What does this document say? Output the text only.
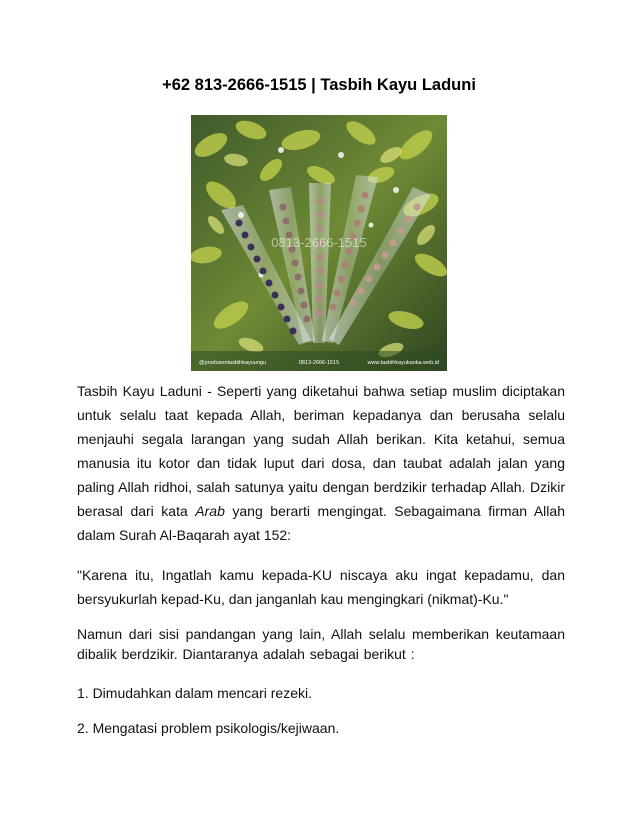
+62 813-2666-1515 | Tasbih Kayu Laduni
0813-2666-1515
@produsentasbihkayuungu	0813-2666-1515	www.tasbihkayukaoka.web.id
Tasbih Kayu Laduni - Seperti yang diketahui bahwa setiap muslim diciptakan untuk selalu taat kepada Allah, beriman kepadanya dan berusaha selalu menjauhi segala larangan yang sudah Allah berikan. Kita ketahui, semua manusia itu kotor dan tidak luput dari dosa, dan taubat adalah jalan yang paling Allah ridhoi, salah satunya yaitu dengan berdzikir terhadap Allah. Dzikir berasal dari kata Arab yang berarti mengingat. Sebagaimana firman Allah dalam Surah Al-Baqarah ayat 152:
"Karena itu, Ingatlah kamu kepada-KU niscaya aku ingat kepadamu, dan bersyukurlah kepad-Ku, dan janganlah kau mengingkari (nikmat)-Ku."
Namun dari sisi pandangan yang lain, Allah selalu memberikan keutamaan dibalik berdzikir. Diantaranya adalah sebagai berikut :
1. Dimudahkan dalam mencari rezeki.
2. Mengatasi problem psikologis/kejiwaan.
